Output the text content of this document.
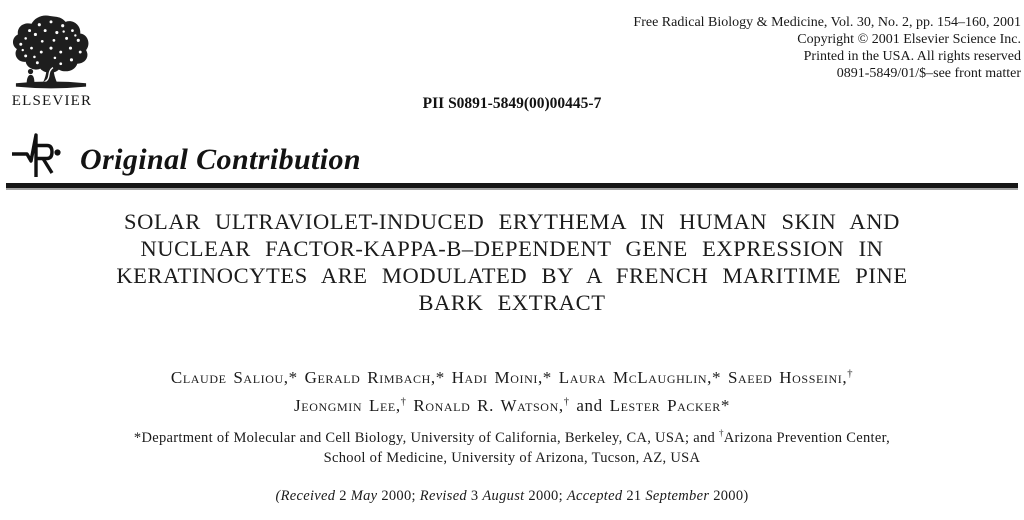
ELSEVIER
Free Radical Biology & Medicine, Vol. 30, No. 2, pp. 154–160, 2001
Copyright © 2001 Elsevier Science Inc.
Printed in the USA. All rights reserved
0891-5849/01/$–see front matter
PII S0891-5849(00)00445-7
Original Contribution
SOLAR ULTRAVIOLET-INDUCED ERYTHEMA IN HUMAN SKIN AND
NUCLEAR FACTOR-KAPPA-B–DEPENDENT GENE EXPRESSION IN
KERATINOCYTES ARE MODULATED BY A FRENCH MARITIME PINE
BARK EXTRACT
Claude Saliou,* Gerald Rimbach,* Hadi Moini,* Laura McLaughlin,* Saeed Hosseini,†
Jeongmin Lee,† Ronald R. Watson,† and Lester Packer*
*Department of Molecular and Cell Biology, University of California, Berkeley, CA, USA; and †Arizona Prevention Center,
School of Medicine, University of Arizona, Tucson, AZ, USA
(Received 2 May 2000; Revised 3 August 2000; Accepted 21 September 2000)
